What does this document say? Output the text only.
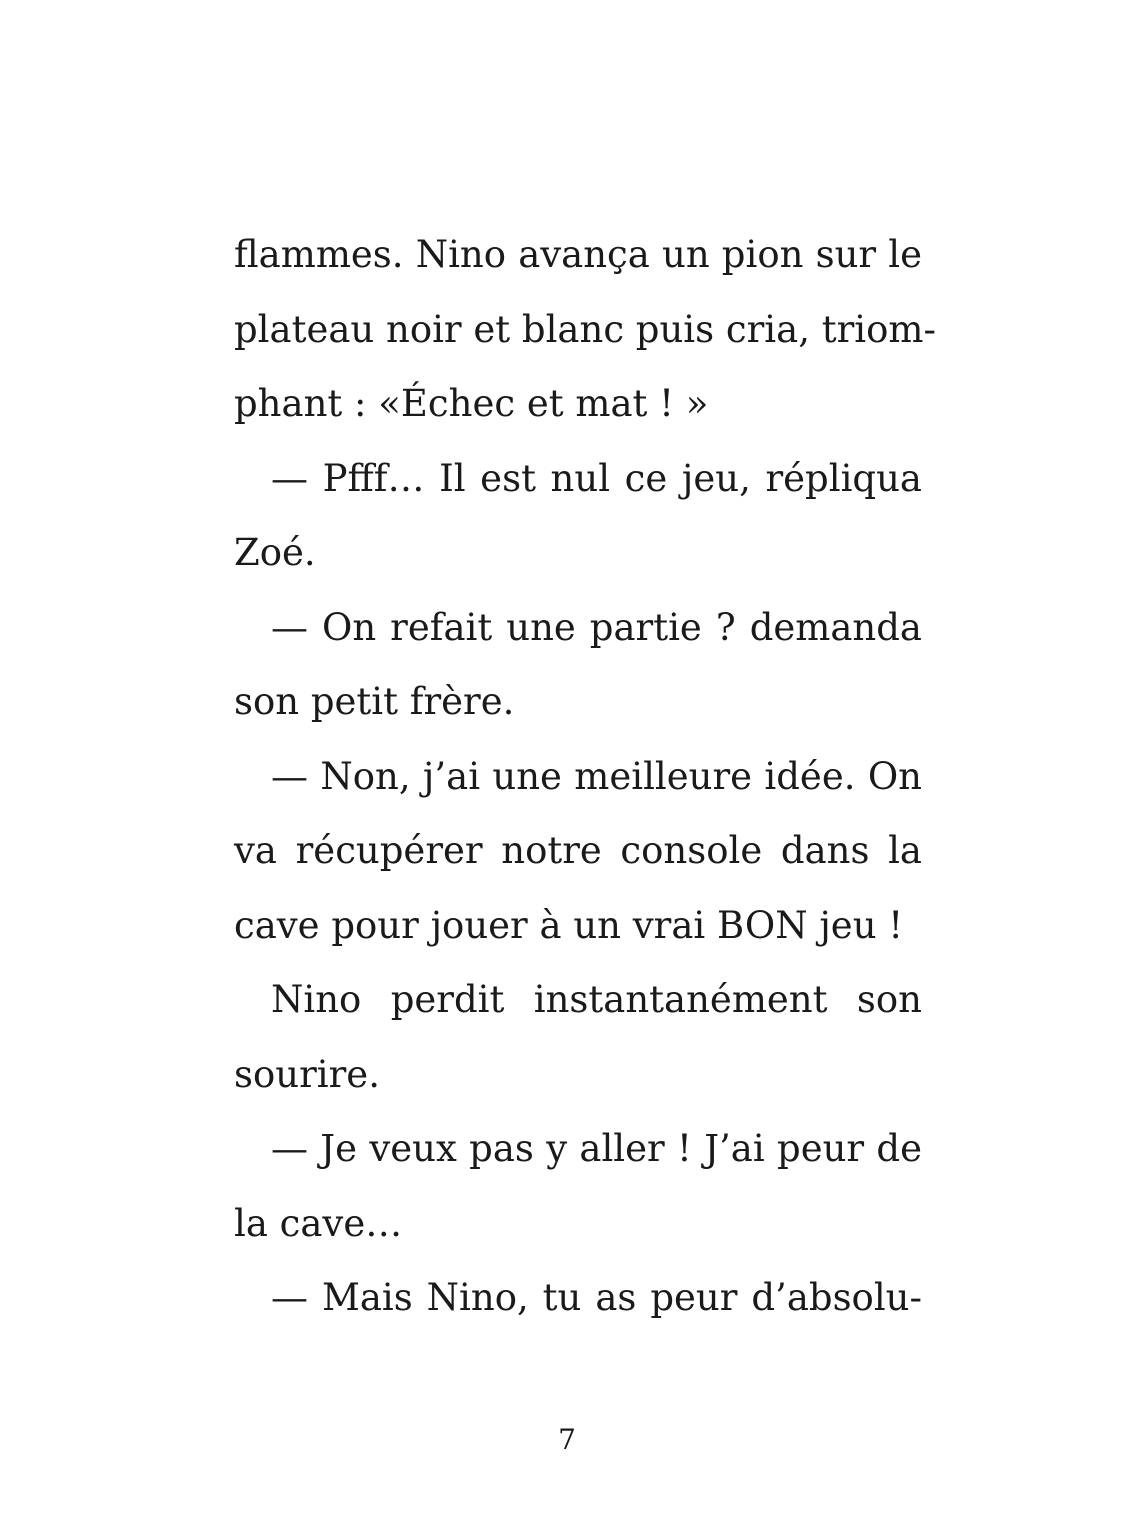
flammes. Nino avança un pion sur le
plateau noir et blanc puis cria, triom-
phant : «Échec et mat ! »
— Pfff… Il est nul ce jeu, répliqua
Zoé.
— On refait une partie ? demanda
son petit frère.
— Non, j’ai une meilleure idée. On
va récupérer notre console dans la
cave pour jouer à un vrai BON jeu !
Nino perdit instantanément son
sourire.
— Je veux pas y aller ! J’ai peur de
la cave…
— Mais Nino, tu as peur d’absolu-
7
